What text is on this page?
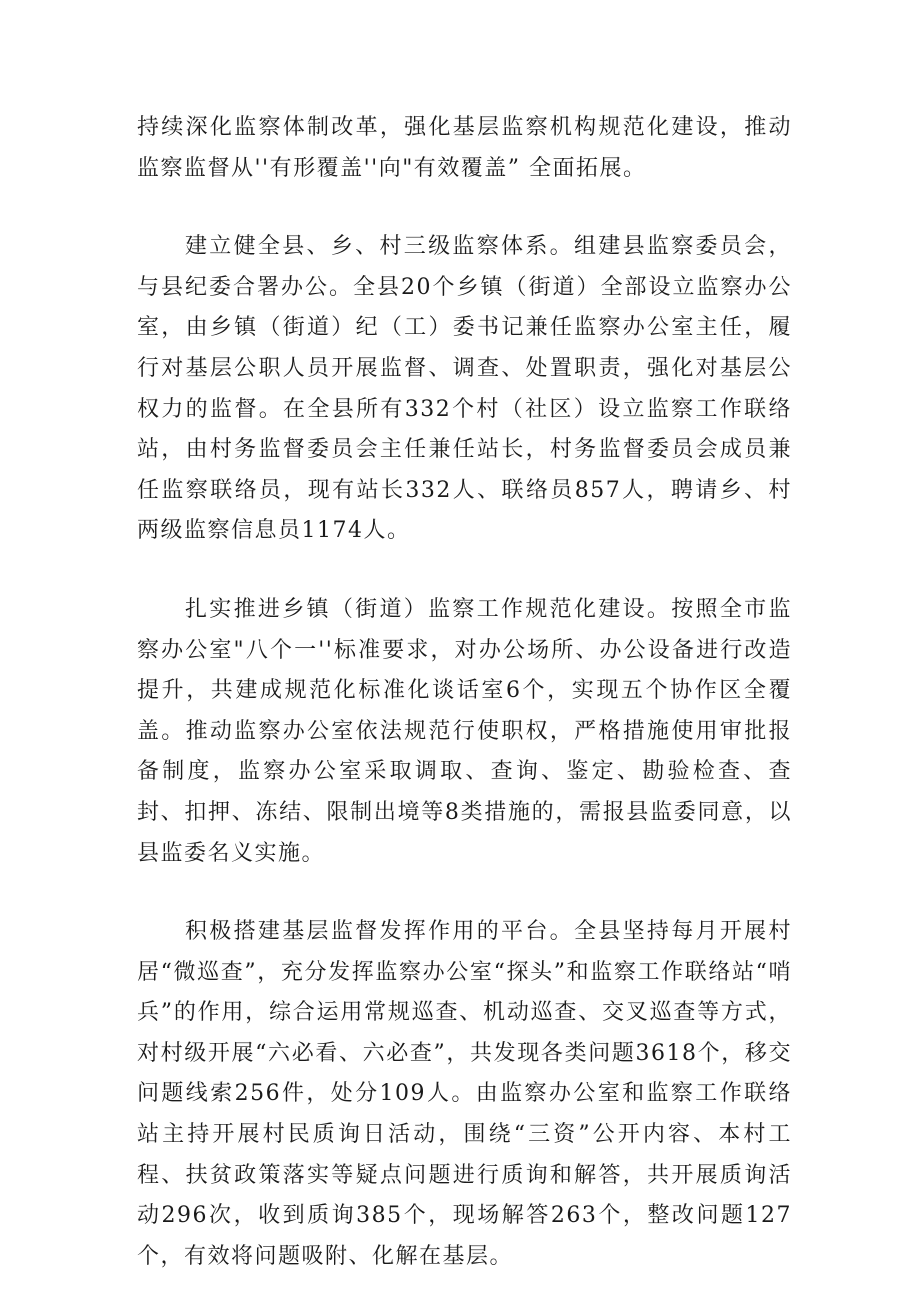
持续深化监察体制改革，强化基层监察机构规范化建设，推动监察监督从''有形覆盖''向"有效覆盖” 全面拓展。

建立健全县、乡、村三级监察体系。组建县监察委员会，与县纪委合署办公。全县20个乡镇（街道）全部设立监察办公室，由乡镇（街道）纪（工）委书记兼任监察办公室主任，履行对基层公职人员开展监督、调查、处置职责，强化对基层公权力的监督。在全县所有332个村（社区）设立监察工作联络站，由村务监督委员会主任兼任站长，村务监督委员会成员兼任监察联络员，现有站长332人、联络员857人，聘请乡、村两级监察信息员1174人。

扎实推进乡镇（街道）监察工作规范化建设。按照全市监察办公室"八个一''标准要求，对办公场所、办公设备进行改造提升，共建成规范化标准化谈话室6个，实现五个协作区全覆盖。推动监察办公室依法规范行使职权，严格措施使用审批报备制度，监察办公室采取调取、查询、鉴定、勘验检查、查封、扣押、冻结、限制出境等8类措施的，需报县监委同意，以县监委名义实施。

积极搭建基层监督发挥作用的平台。全县坚持每月开展村居“微巡查”，充分发挥监察办公室“探头”和监察工作联络站“哨兵”的作用，综合运用常规巡查、机动巡查、交叉巡查等方式，对村级开展“六必看、六必查”，共发现各类问题3618个，移交问题线索256件，处分109人。由监察办公室和监察工作联络站主持开展村民质询日活动，围绕“三资”公开内容、本村工程、扶贫政策落实等疑点问题进行质询和解答，共开展质询活动296次，收到质询385个，现场解答263个，整改问题127个，有效将问题吸附、化解在基层。
